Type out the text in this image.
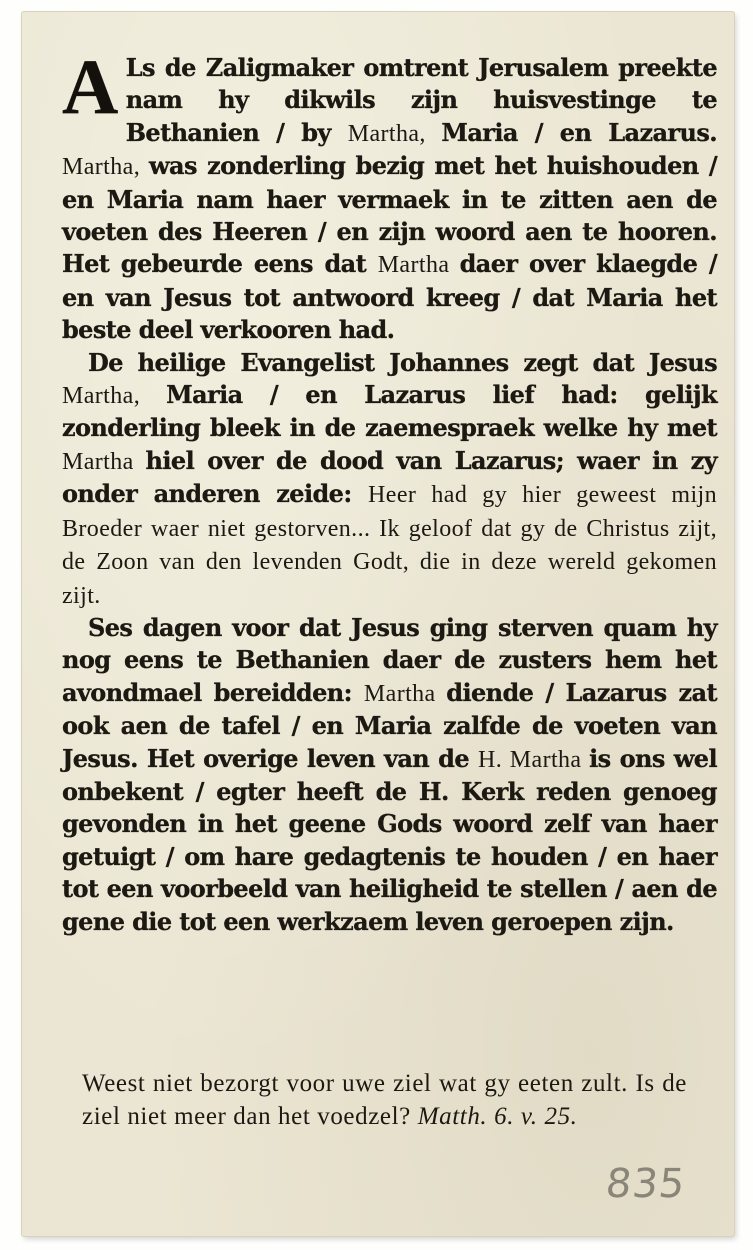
A Ls de Zaligmaker omtrent Jerusalem preekte nam hy dikwils zijn huisvestinge te Bethanien / by Martha, Maria / en Lazarus. Martha, was zonderling bezig met het huishouden / en Maria nam haer vermaek in te zitten aen de voeten des Heeren / en zijn woord aen te hooren. Het gebeurde eens dat Martha daer over klaegde / en van Jesus tot antwoord kreeg / dat Maria het beste deel verkooren had.

De heilige Evangelist Johannes zegt dat Jesus Martha, Maria / en Lazarus lief had: gelijk zonderling bleek in de zaemespraek welke hy met Martha hiel over de dood van Lazarus; waer in zy onder anderen zeide: Heer had gy hier geweest mijn Broeder waer niet gestorven... Ik geloof dat gy de Christus zijt, de Zoon van den levenden Godt, die in deze wereld gekomen zijt.

Ses dagen voor dat Jesus ging sterven quam hy nog eens te Bethanien daer de zusters hem het avondmael bereidden: Martha diende / Lazarus zat ook aen de tafel / en Maria zalfde de voeten van Jesus. Het overige leven van de H. Martha is ons wel onbekent / egter heeft de H. Kerk reden genoeg gevonden in het geene Gods woord zelf van haer getuigt / om hare gedagtenis te houden / en haer tot een voorbeeld van heiligheid te stellen / aen de gene die tot een werkzaem leven geroepen zijn.

Weest niet bezorgt voor uwe ziel wat gy eeten zult. Is de ziel niet meer dan het voedzel? Matth. 6. v. 25.

835
